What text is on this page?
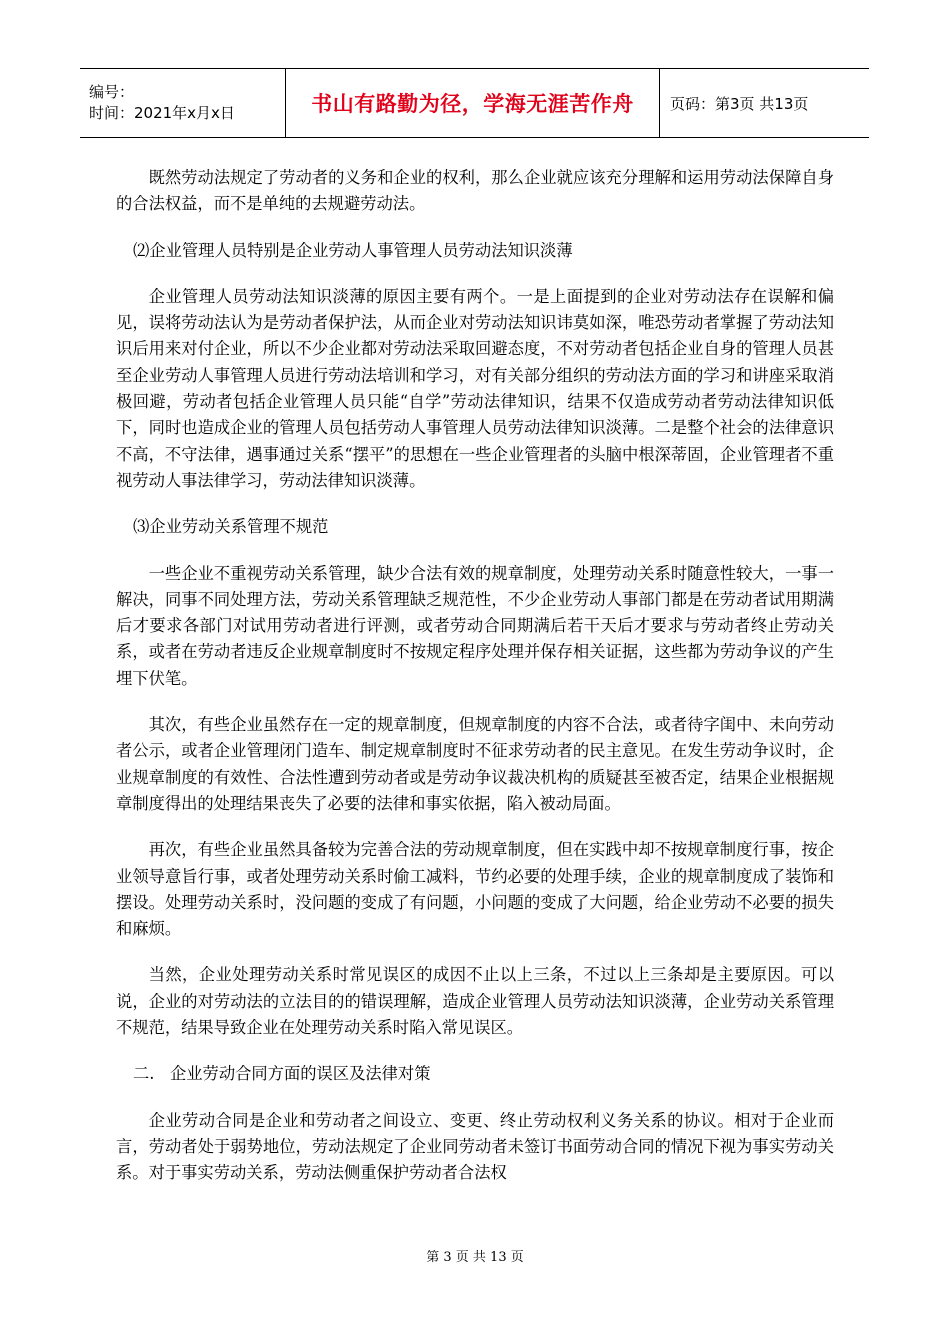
编号：
时间：2021年x月x日	书山有路勤为径，学海无涯苦作舟 页码：第3页 共13页

既然劳动法规定了劳动者的义务和企业的权利，那么企业就应该充分理解和运用劳动法保障自身的合法权益，而不是单纯的去规避劳动法。

⑵企业管理人员特别是企业劳动人事管理人员劳动法知识淡薄

企业管理人员劳动法知识淡薄的原因主要有两个。一是上面提到的企业对劳动法存在误解和偏见，误将劳动法认为是劳动者保护法，从而企业对劳动法知识讳莫如深，唯恐劳动者掌握了劳动法知识后用来对付企业，所以不少企业都对劳动法采取回避态度，不对劳动者包括企业自身的管理人员甚至企业劳动人事管理人员进行劳动法培训和学习，对有关部分组织的劳动法方面的学习和讲座采取消极回避，劳动者包括企业管理人员只能“自学”劳动法律知识，结果不仅造成劳动者劳动法律知识低下，同时也造成企业的管理人员包括劳动人事管理人员劳动法律知识淡薄。二是整个社会的法律意识不高，不守法律，遇事通过关系“摆平”的思想在一些企业管理者的头脑中根深蒂固，企业管理者不重视劳动人事法律学习，劳动法律知识淡薄。

⑶企业劳动关系管理不规范

一些企业不重视劳动关系管理，缺少合法有效的规章制度，处理劳动关系时随意性较大，一事一解决，同事不同处理方法，劳动关系管理缺乏规范性，不少企业劳动人事部门都是在劳动者试用期满后才要求各部门对试用劳动者进行评测，或者劳动合同期满后若干天后才要求与劳动者终止劳动关系，或者在劳动者违反企业规章制度时不按规定程序处理并保存相关证据，这些都为劳动争议的产生埋下伏笔。

其次，有些企业虽然存在一定的规章制度，但规章制度的内容不合法，或者待字闺中、未向劳动者公示，或者企业管理闭门造车、制定规章制度时不征求劳动者的民主意见。在发生劳动争议时，企业规章制度的有效性、合法性遭到劳动者或是劳动争议裁决机构的质疑甚至被否定，结果企业根据规章制度得出的处理结果丧失了必要的法律和事实依据，陷入被动局面。

再次，有些企业虽然具备较为完善合法的劳动规章制度，但在实践中却不按规章制度行事，按企业领导意旨行事，或者处理劳动关系时偷工减料，节约必要的处理手续，企业的规章制度成了装饰和摆设。处理劳动关系时，没问题的变成了有问题，小问题的变成了大问题，给企业劳动不必要的损失和麻烦。

当然，企业处理劳动关系时常见误区的成因不止以上三条，不过以上三条却是主要原因。可以说，企业的对劳动法的立法目的的错误理解，造成企业管理人员劳动法知识淡薄，企业劳动关系管理不规范，结果导致企业在处理劳动关系时陷入常见误区。

二.   企业劳动合同方面的误区及法律对策

企业劳动合同是企业和劳动者之间设立、变更、终止劳动权利义务关系的协议。相对于企业而言，劳动者处于弱势地位，劳动法规定了企业同劳动者未签订书面劳动合同的情况下视为事实劳动关系。对于事实劳动关系，劳动法侧重保护劳动者合法权

第 3 页 共 13 页
